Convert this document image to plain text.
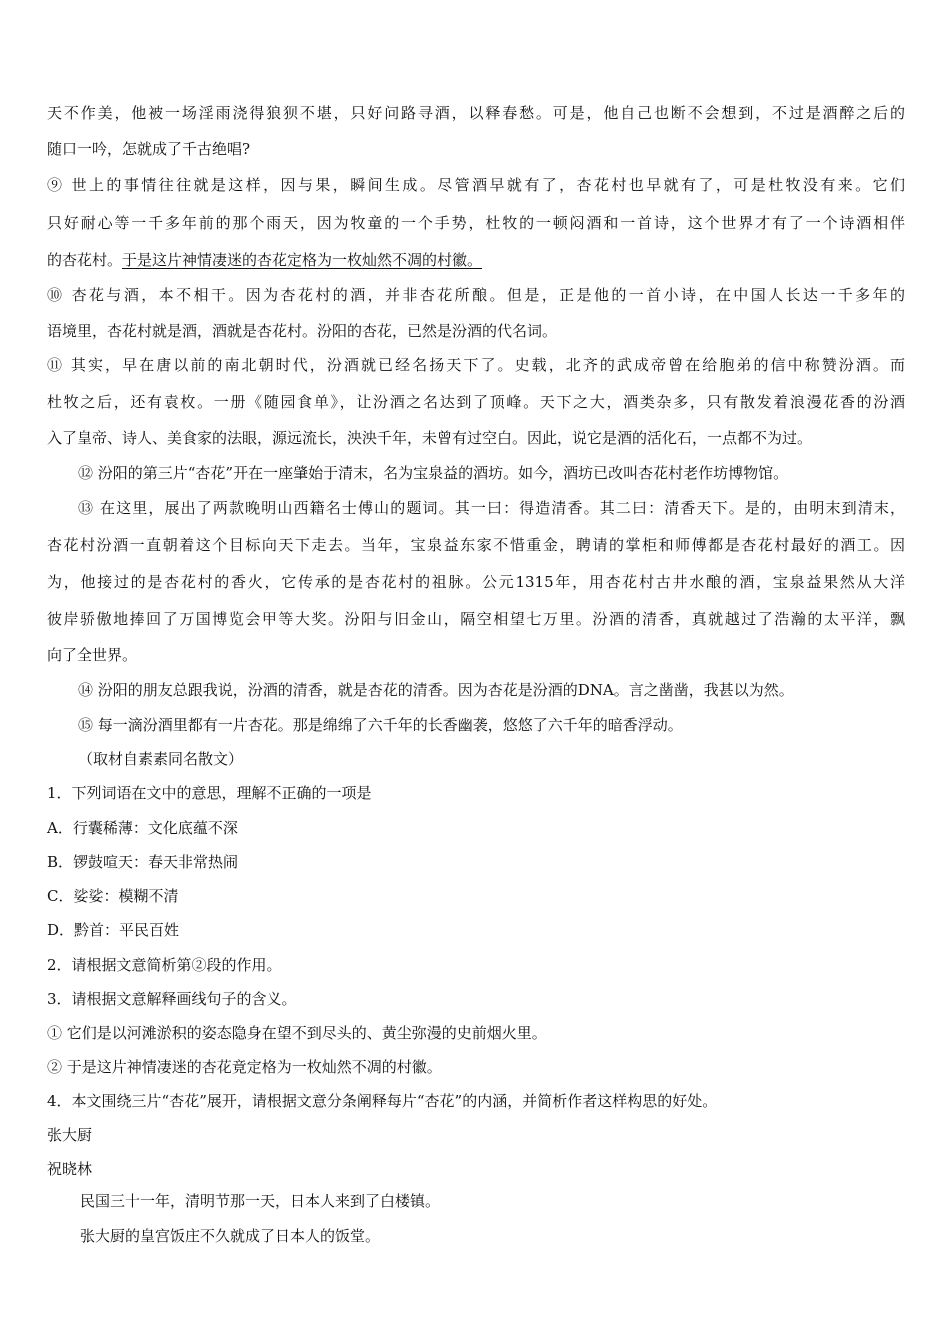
天不作美，他被一场淫雨浇得狼狈不堪，只好问路寻酒，以释春愁。可是，他自己也断不会想到，不过是酒醉之后的
随口一吟，怎就成了千古绝唱?
⑨ 世上的事情往往就是这样，因与果，瞬间生成。尽管酒早就有了，杏花村也早就有了，可是杜牧没有来。它们
只好耐心等一千多年前的那个雨天，因为牧童的一个手势，杜牧的一顿闷酒和一首诗，这个世界才有了一个诗酒相伴
的杏花村。于是这片神情凄迷的杏花定格为一枚灿然不凋的村徽。
⑩ 杏花与酒，本不相干。因为杏花村的酒，并非杏花所酿。但是，正是他的一首小诗，在中国人长达一千多年的
语境里，杏花村就是酒，酒就是杏花村。汾阳的杏花，已然是汾酒的代名词。
⑪ 其实，早在唐以前的南北朝时代，汾酒就已经名扬天下了。史载，北齐的武成帝曾在给胞弟的信中称赞汾酒。而
杜牧之后，还有袁枚。一册《随园食单》，让汾酒之名达到了顶峰。天下之大，酒类杂多，只有散发着浪漫花香的汾酒
入了皇帝、诗人、美食家的法眼，源远流长，泱泱千年，未曾有过空白。因此，说它是酒的活化石，一点都不为过。
⑫ 汾阳的第三片“杏花”开在一座肇始于清末，名为宝泉益的酒坊。如今，酒坊已改叫杏花村老作坊博物馆。
⑬ 在这里，展出了两款晚明山西籍名士傅山的题词。其一曰：得造清香。其二曰：清香天下。是的，由明末到清末，
杏花村汾酒一直朝着这个目标向天下走去。当年，宝泉益东家不惜重金，聘请的掌柜和师傅都是杏花村最好的酒工。因
为，他接过的是杏花村的香火，它传承的是杏花村的祖脉。公元1315年，用杏花村古井水酿的酒，宝泉益果然从大洋
彼岸骄傲地捧回了万国博览会甲等大奖。汾阳与旧金山，隔空相望七万里。汾酒的清香，真就越过了浩瀚的太平洋，飘
向了全世界。
⑭ 汾阳的朋友总跟我说，汾酒的清香，就是杏花的清香。因为杏花是汾酒的DNA。言之凿凿，我甚以为然。
⑮ 每一滴汾酒里都有一片杏花。那是绵绵了六千年的长香幽袭，悠悠了六千年的暗香浮动。
（取材自素素同名散文）
1．下列词语在文中的意思，理解不正确的一项是
A．行囊稀薄：文化底蕴不深
B．锣鼓喧天：春天非常热闹
C．娑娑：模糊不清
D．黔首：平民百姓
2．请根据文意简析第②段的作用。
3．请根据文意解释画线句子的含义。
① 它们是以河滩淤积的姿态隐身在望不到尽头的、黄尘弥漫的史前烟火里。
② 于是这片神情凄迷的杏花竟定格为一枚灿然不凋的村徽。
4．本文围绕三片“杏花”展开，请根据文意分条阐释每片“杏花”的内涵，并简析作者这样构思的好处。
张大厨
祝晓林
民国三十一年，清明节那一天，日本人来到了白楼镇。
张大厨的皇宫饭庄不久就成了日本人的饭堂。
